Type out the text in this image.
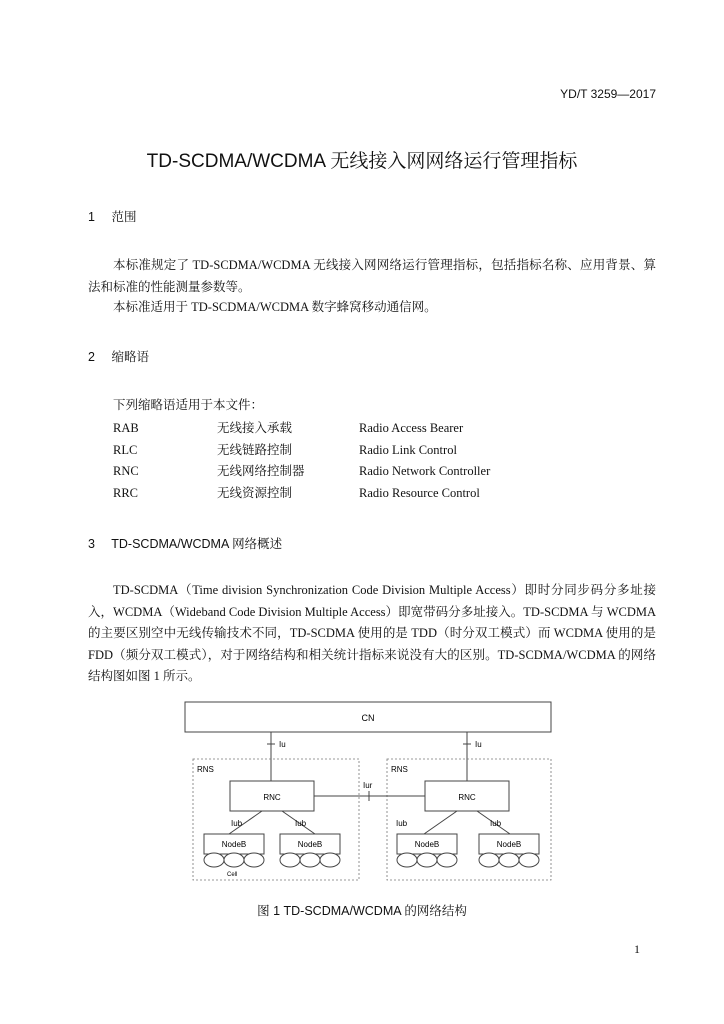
YD/T 3259—2017
TD-SCDMA/WCDMA 无线接入网网络运行管理指标
1 范围
本标准规定了 TD-SCDMA/WCDMA 无线接入网网络运行管理指标，包括指标名称、应用背景、算法和标准的性能测量参数等。
本标准适用于 TD-SCDMA/WCDMA 数字蜂窝移动通信网。
2 缩略语
下列缩略语适用于本文件：
RAB	无线接入承载	Radio Access Bearer
RLC	无线链路控制	Radio Link Control
RNC	无线网络控制器	Radio Network Controller
RRC	无线资源控制	Radio Resource Control
3 TD-SCDMA/WCDMA 网络概述
TD-SCDMA（Time division Synchronization Code Division Multiple Access）即时分同步码分多址接入，WCDMA（Wideband Code Division Multiple Access）即宽带码分多址接入。TD-SCDMA 与 WCDMA 的主要区别空中无线传输技术不同，TD-SCDMA 使用的是 TDD（时分双工模式）而 WCDMA 使用的是 FDD（频分双工模式），对于网络结构和相关统计指标来说没有大的区别。TD-SCDMA/WCDMA 的网络结构图如图 1 所示。
CN
Iu	Iu
RNS	RNS
RNC	RNC
Iur
Iub	Iub	Iub	Iub
NodeB	NodeB	NodeB	NodeB
Cell
图 1 TD-SCDMA/WCDMA 的网络结构
1
